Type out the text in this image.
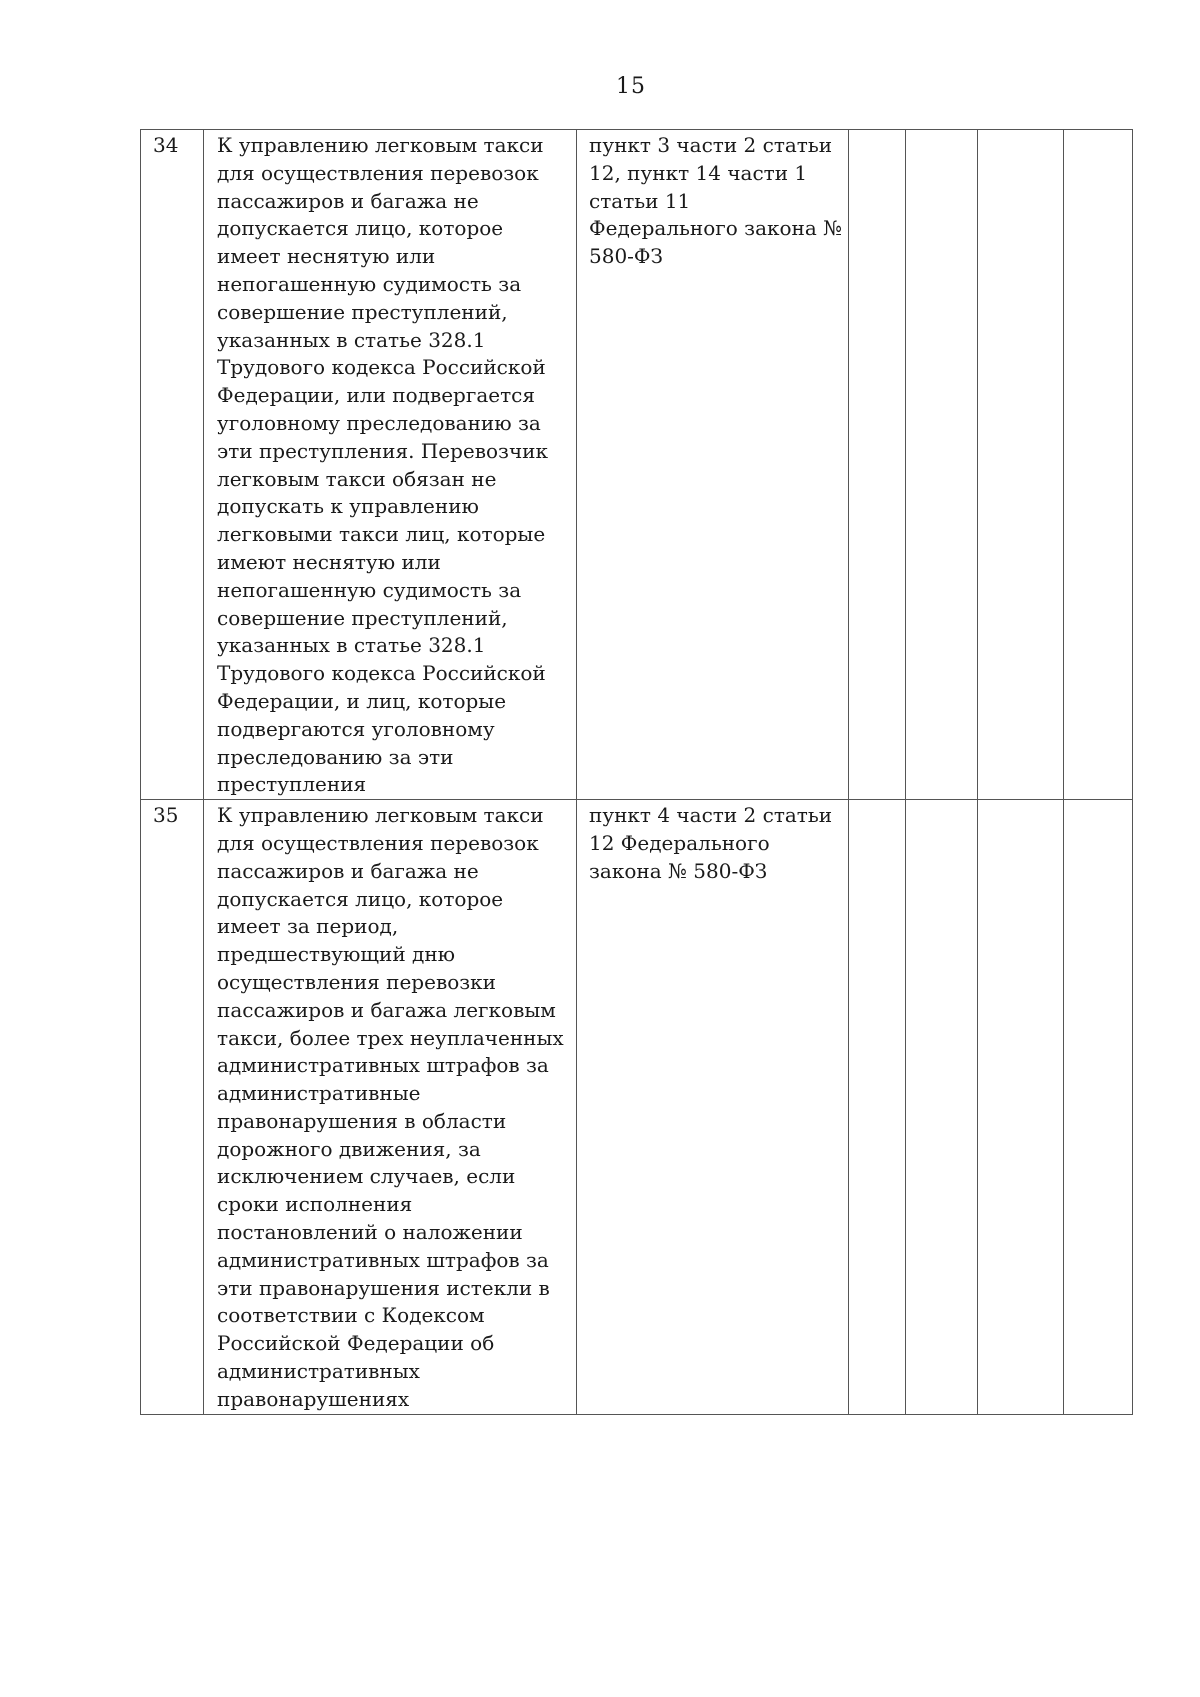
15
34	К управлению легковым такси для осуществления перевозок пассажиров и багажа не допускается лицо, которое имеет неснятую или непогашенную судимость за совершение преступлений, указанных в статье 328.1 Трудового кодекса Российской Федерации, или подвергается уголовному преследованию за эти преступления. Перевозчик легковым такси обязан не допускать к управлению легковыми такси лиц, которые имеют неснятую или непогашенную судимость за совершение преступлений, указанных в статье 328.1 Трудового кодекса Российской Федерации, и лиц, которые подвергаются уголовному преследованию за эти преступления	пункт 3 части 2 статьи 12, пункт 14 части 1 статьи 11 Федерального закона № 580-ФЗ				

35	К управлению легковым такси для осуществления перевозок пассажиров и багажа не допускается лицо, которое имеет за период, предшествующий дню осуществления перевозки пассажиров и багажа легковым такси, более трех неуплаченных административных штрафов за административные правонарушения в области дорожного движения, за исключением случаев, если сроки исполнения постановлений о наложении административных штрафов за эти правонарушения истекли в соответствии с Кодексом Российской Федерации об административных правонарушениях	пункт 4 части 2 статьи 12 Федерального закона № 580-ФЗ				
